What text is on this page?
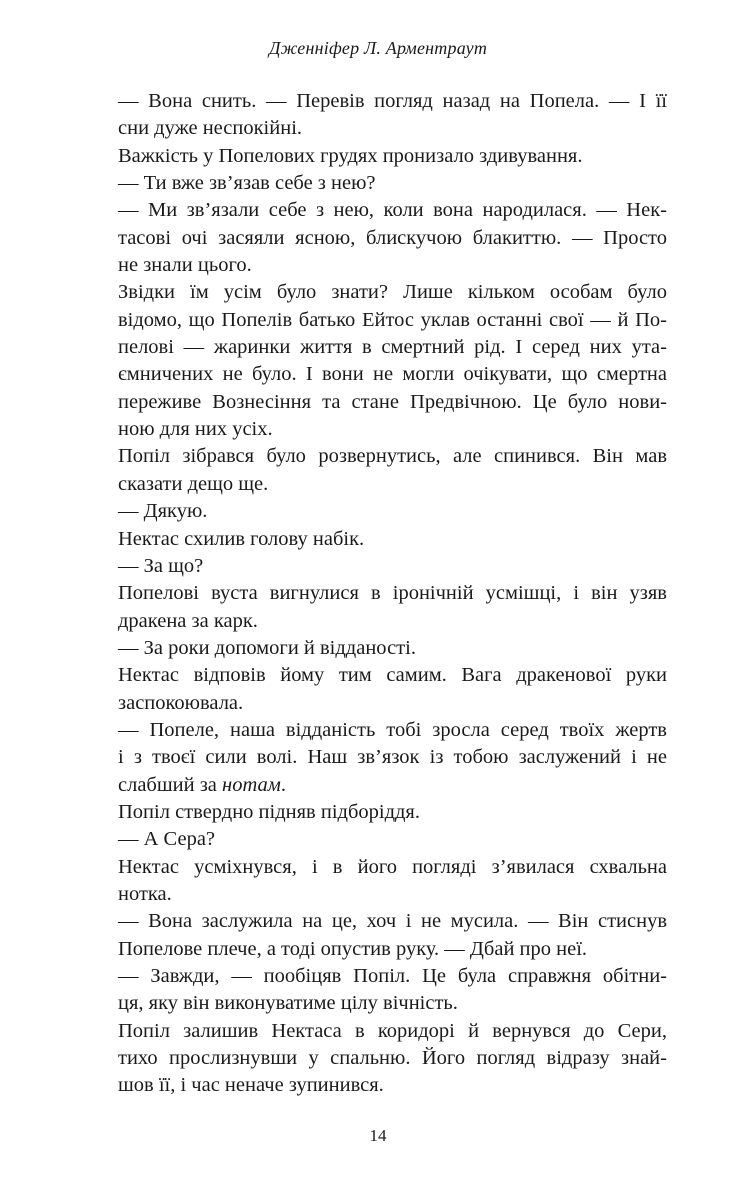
Дженніфер Л. Арментраут
— Вона снить. — Перевів погляд назад на Попела. — І її
сни дуже неспокійні.
Важкість у Попелових грудях пронизало здивування.
— Ти вже зв’язав себе з нею?
— Ми зв’язали себе з нею, коли вона народилася. — Нек-
тасові очі засяяли ясною, блискучою блакиттю. — Просто
не знали цього.
Звідки їм усім було знати? Лише кільком особам було
відомо, що Попелів батько Ейтос уклав останні свої — й По-
пелові — жаринки життя в смертний рід. І серед них ута-
ємничених не було. І вони не могли очікувати, що смертна
переживе Вознесіння та стане Предвічною. Це було нови-
ною для них усіх.
Попіл зібрався було розвернутись, але спинився. Він мав
сказати дещо ще.
— Дякую.
Нектас схилив голову набік.
— За що?
Попелові вуста вигнулися в іронічній усмішці, і він узяв
дракена за карк.
— За роки допомоги й відданості.
Нектас відповів йому тим самим. Вага дракенової руки
заспокоювала.
— Попеле, наша відданість тобі зросла серед твоїх жертв
і з твоєї сили волі. Наш зв’язок із тобою заслужений і не
слабший за нотам.
Попіл ствердно підняв підборіддя.
— А Сера?
Нектас усміхнувся, і в його погляді з’явилася схвальна
нотка.
— Вона заслужила на це, хоч і не мусила. — Він стиснув
Попелове плече, а тоді опустив руку. — Дбай про неї.
— Завжди, — пообіцяв Попіл. Це була справжня обітни-
ця, яку він виконуватиме цілу вічність.
Попіл залишив Нектаса в коридорі й вернувся до Сери,
тихо прослизнувши у спальню. Його погляд відразу знай-
шов її, і час неначе зупинився.
14
